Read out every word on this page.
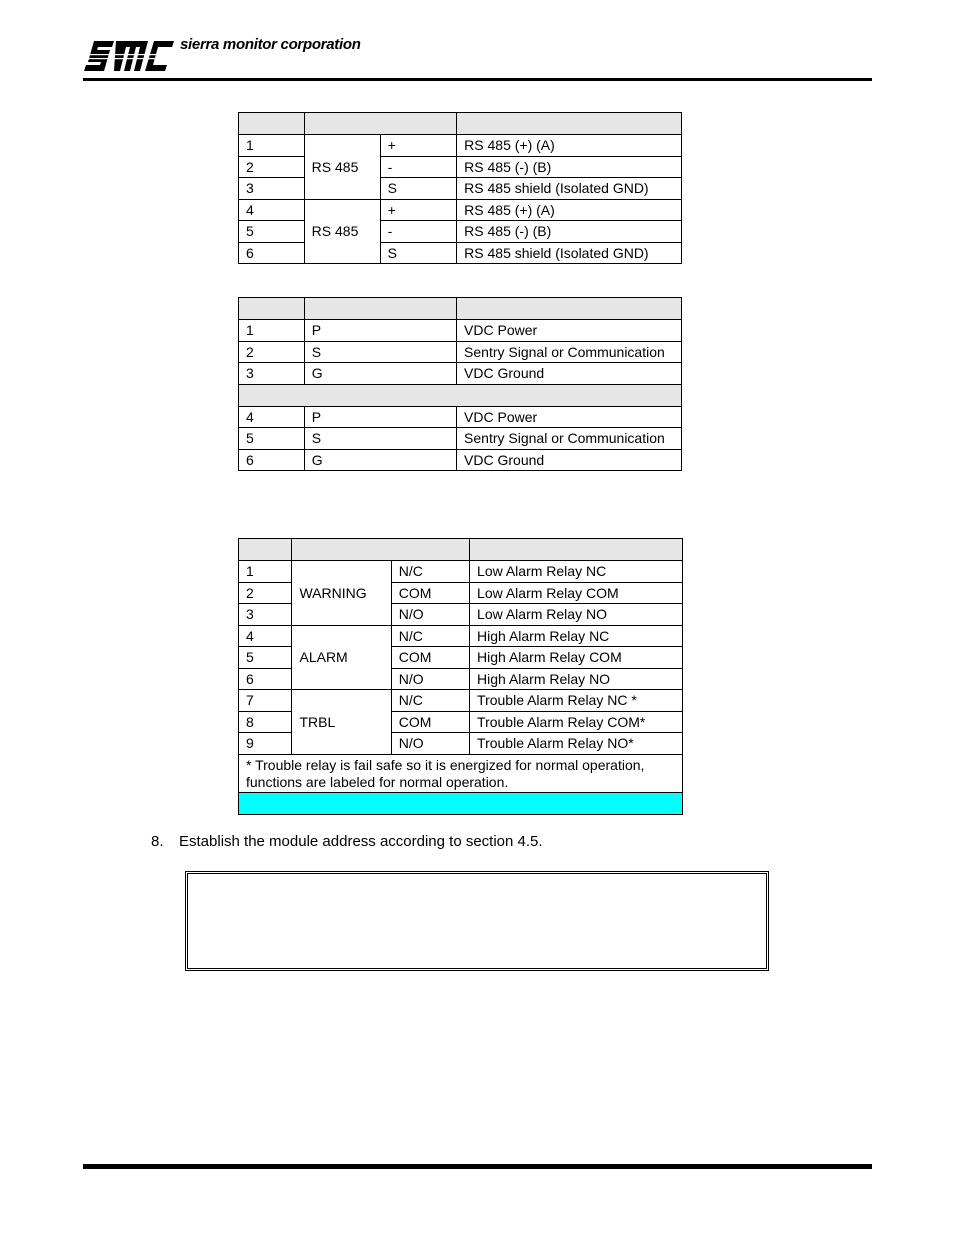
sierra monitor corporation

1	RS 485	+	RS 485 (+) (A)
2		-	RS 485 (-) (B)
3		S	RS 485 shield (Isolated GND)
4	RS 485	+	RS 485 (+) (A)
5		-	RS 485 (-) (B)
6		S	RS 485 shield (Isolated GND)

1	P	VDC Power
2	S	Sentry Signal or Communication
3	G	VDC Ground

4	P	VDC Power
5	S	Sentry Signal or Communication
6	G	VDC Ground

1	WARNING	N/C	Low Alarm Relay NC
2		COM	Low Alarm Relay COM
3		N/O	Low Alarm Relay NO
4	ALARM	N/C	High Alarm Relay NC
5		COM	High Alarm Relay COM
6		N/O	High Alarm Relay NO
7	TRBL	N/C	Trouble Alarm Relay NC *
8		COM	Trouble Alarm Relay COM*
9		N/O	Trouble Alarm Relay NO*
* Trouble relay is fail safe so it is energized for normal operation, functions are labeled for normal operation.			

8. Establish the module address according to section 4.5.
